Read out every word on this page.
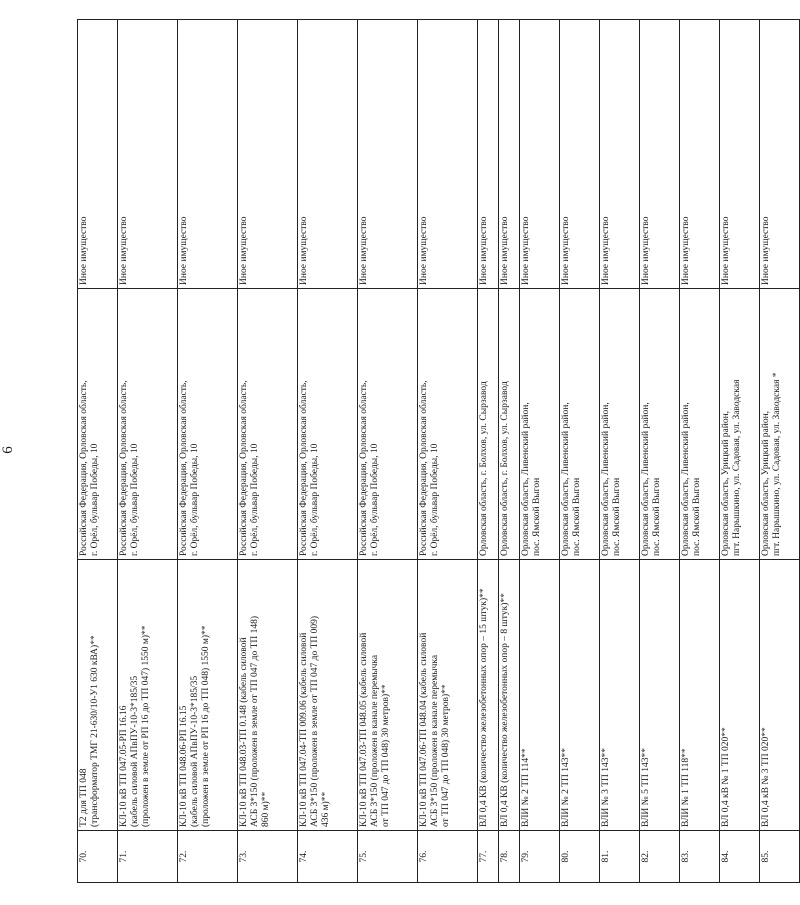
6
70.	Т2 для ТП 048
(трансформатор ТМГ 21-630/10-У1 630 кВА)**	Российская Федерация, Орловская область,
г. Орёл, бульвар Победы, 10	Иное имущество
71.	КЛ-10 кВ ТП 047.05-РП 16.16
(кабель силовой АПвПУ-10-3*185/35
(проложен в земле от РП 16 до ТП 047) 1550 м)**	Российская Федерация, Орловская область,
г. Орёл, бульвар Победы, 10	Иное имущество
72.	КЛ-10 кВ ТП 048.06-РП 16.15
(кабель силовой АПвПУ-10-3*185/35
(проложен в земле от РП 16 до ТП 048) 1550 м)**	Российская Федерация, Орловская область,
г. Орёл, бульвар Победы, 10	Иное имущество
73.	КЛ-10 кВ ТП 048.03-ТП 0.148 (кабель силовой
АСБ 3*150 (проложен в земле от ТП 047 до ТП 148)
860 м)**	Российская Федерация, Орловская область,
г. Орёл, бульвар Победы, 10	Иное имущество
74.	КЛ-10 кВ ТП 047.04-ТП 009.06 (кабель силовой
АСБ 3*150 (проложен в земле от ТП 047 до ТП 009)
436 м)**	Российская Федерация, Орловская область,
г. Орёл, бульвар Победы, 10	Иное имущество
75.	КЛ-10 кВ ТП 047.03-ТП 048.05 (кабель силовой
АСБ 3*150 (проложен в канале перемычка
от ТП 047 до ТП 048) 30 метров)**	Российская Федерация, Орловская область,
г. Орёл, бульвар Победы, 10	Иное имущество
76.	КЛ-10 кВ ТП 047.06-ТП 048.04 (кабель силовой
АСБ 3*150 (проложен в канале перемычка
от ТП 047 до ТП 048) 30 метров)**	Российская Федерация, Орловская область,
г. Орёл, бульвар Победы, 10	Иное имущество
77.	ВЛ 0,4 КВ (количество железобетонных опор – 15 штук)**	Орловская область, г. Болхов, ул. Сырзавод	Иное имущество
78.	ВЛ 0,4 КВ (количество железобетонных опор – 8 штук)**	Орловская область, г. Болхов, ул. Сырзавод	Иное имущество
79.	ВЛИ № 2 ТП 114**	Орловская область, Ливенский район,
пос. Ямской Выгон	Иное имущество
80.	ВЛИ № 2 ТП 143**	Орловская область, Ливенский район,
пос. Ямской Выгон	Иное имущество
81.	ВЛИ № 3 ТП 143**	Орловская область, Ливенский район,
пос. Ямской Выгон	Иное имущество
82.	ВЛИ № 5 ТП 143**	Орловская область, Ливенский район,
пос. Ямской Выгон	Иное имущество
83.	ВЛИ № 1 ТП 118**	Орловская область, Ливенский район,
пос. Ямской Выгон	Иное имущество
84.	ВЛ 0,4 кВ № 1 ТП 020**	Орловская область, Урицкий район,
пгт. Нарышкино, ул. Садовая, ул. Заводская	Иное имущество
85.	ВЛ 0,4 кВ № 3 ТП 020**	Орловская область, Урицкий район,
пгт. Нарышкино, ул. Садовая, ул. Заводская *	Иное имущество
